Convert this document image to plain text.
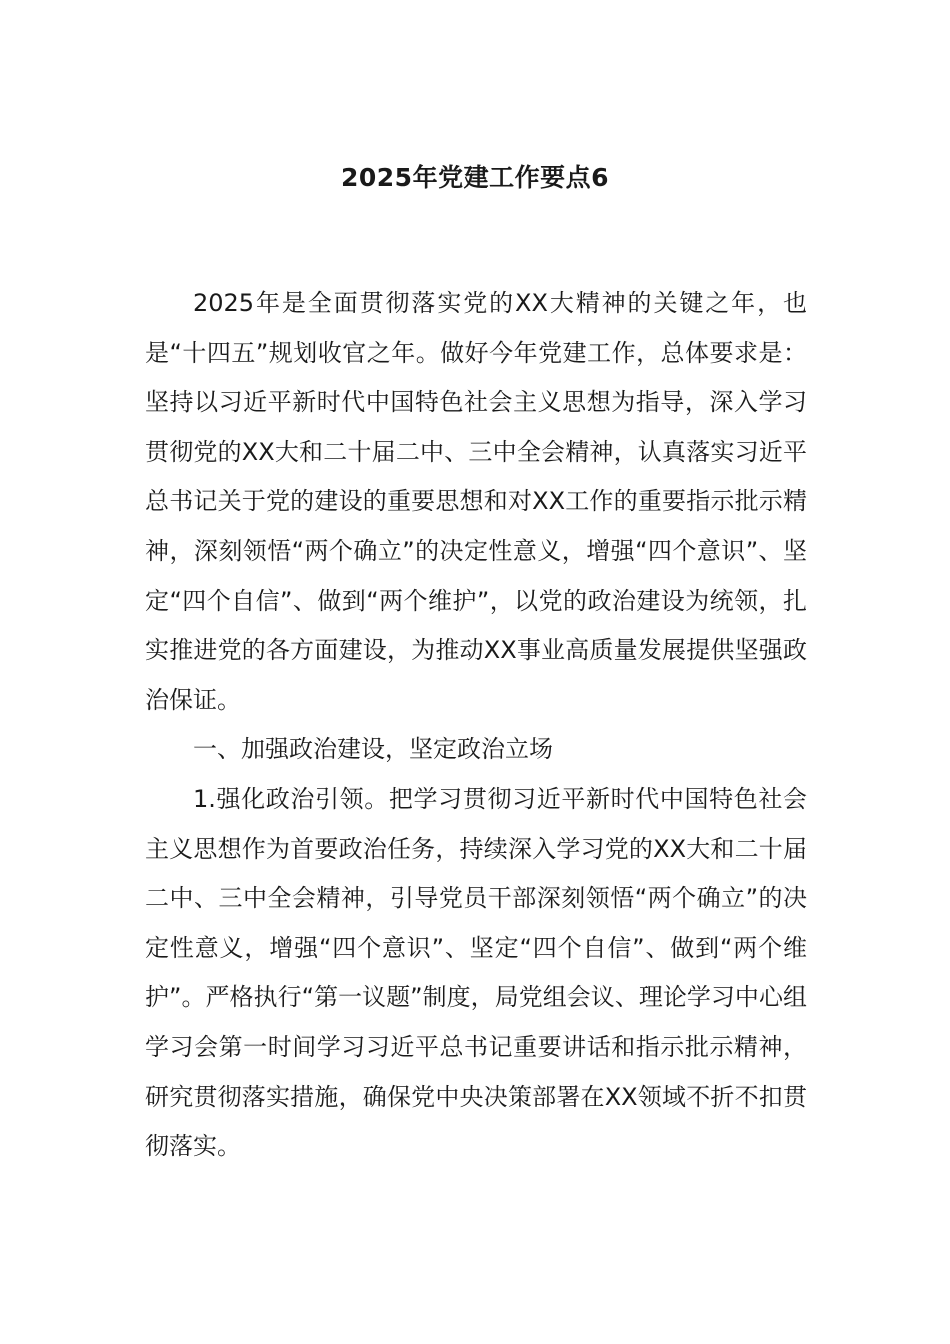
2025年党建工作要点6

2025年是全面贯彻落实党的XX大精神的关键之年，也是“十四五”规划收官之年。做好今年党建工作，总体要求是：坚持以习近平新时代中国特色社会主义思想为指导，深入学习贯彻党的XX大和二十届二中、三中全会精神，认真落实习近平总书记关于党的建设的重要思想和对XX工作的重要指示批示精神，深刻领悟“两个确立”的决定性意义，增强“四个意识”、坚定“四个自信”、做到“两个维护”，以党的政治建设为统领，扎实推进党的各方面建设，为推动XX事业高质量发展提供坚强政治保证。

一、加强政治建设，坚定政治立场

1.强化政治引领。把学习贯彻习近平新时代中国特色社会主义思想作为首要政治任务，持续深入学习党的XX大和二十届二中、三中全会精神，引导党员干部深刻领悟“两个确立”的决定性意义，增强“四个意识”、坚定“四个自信”、做到“两个维护”。严格执行“第一议题”制度，局党组会议、理论学习中心组学习会第一时间学习习近平总书记重要讲话和指示批示精神，研究贯彻落实措施，确保党中央决策部署在XX领域不折不扣贯彻落实。
